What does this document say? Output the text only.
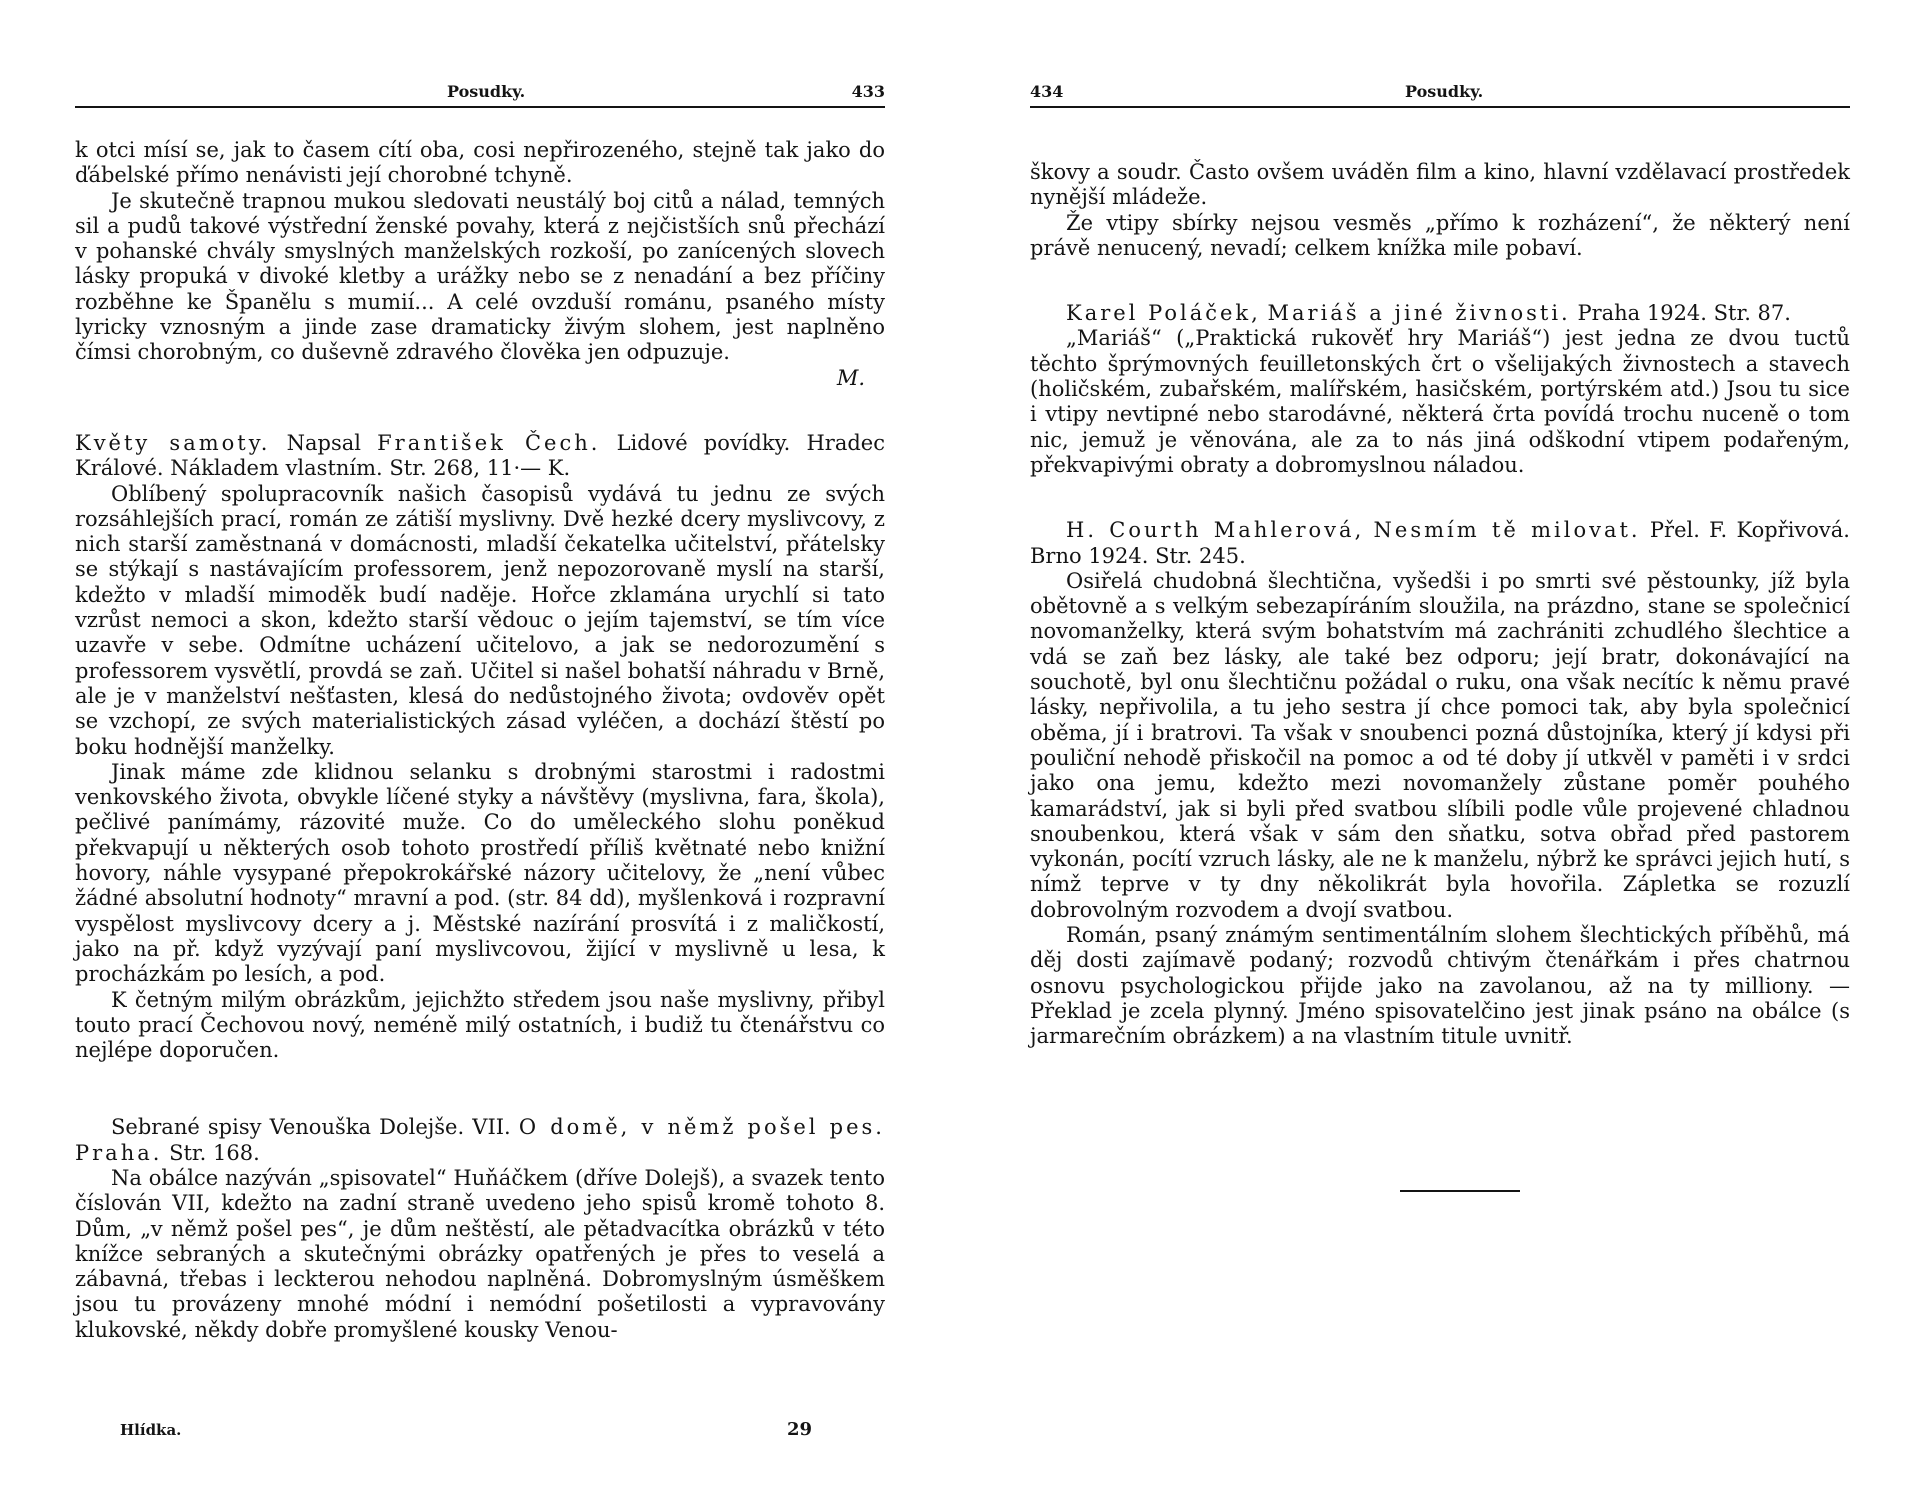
Posudky.	433

k otci mísí se, jak to časem cítí oba, cosi nepřirozeného, stejně tak jako do ďábelské přímo nenávisti její chorobné tchyně.

Je skutečně trapnou mukou sledovati neustálý boj citů a nálad, temných sil a pudů takové výstřední ženské povahy, která z nejčistších snů přechází v pohanské chvály smyslných manželských rozkoší, po zanícených slovech lásky propuká v divoké kletby a urážky nebo se z nenadání a bez příčiny rozběhne ke Španělu s mumií... A celé ovzduší románu, psaného místy lyricky vznosným a jinde zase dramaticky živým slohem, jest naplněno čímsi chorobným, co duševně zdravého člověka jen odpuzuje.

M.

Květy samoty. Napsal František Čech. Lidové povídky. Hradec Králové. Nákladem vlastním. Str. 268, 11·— K.

Oblíbený spolupracovník našich časopisů vydává tu jednu ze svých rozsáhlejších prací, román ze zátiší myslivny. Dvě hezké dcery myslivcovy, z nich starší zaměstnaná v domácnosti, mladší čekatelka učitelství, přátelsky se stýkají s nastávajícím professorem, jenž nepozorovaně myslí na starší, kdežto v mladší mimoděk budí naděje. Hořce zklamána urychlí si tato vzrůst nemoci a skon, kdežto starší vědouc o jejím tajemství, se tím více uzavře v sebe. Odmítne ucházení učitelovo, a jak se nedorozumění s professorem vysvětlí, provdá se zaň. Učitel si našel bohatší náhradu v Brně, ale je v manželství nešťasten, klesá do nedůstojného života; ovdověv opět se vzchopí, ze svých materialistických zásad vyléčen, a dochází štěstí po boku hodnější manželky.

Jinak máme zde klidnou selanku s drobnými starostmi i radostmi venkovského života, obvykle líčené styky a návštěvy (myslivna, fara, škola), pečlivé panímámy, rázovité muže. Co do uměleckého slohu poněkud překvapují u některých osob tohoto prostředí příliš květnaté nebo knižní hovory, náhle vysypané přepokrokářské názory učitelovy, že „není vůbec žádné absolutní hodnoty“ mravní a pod. (str. 84 dd), myšlenková i rozpravní vyspělost myslivcovy dcery a j. Městské nazírání prosvítá i z maličkostí, jako na př. když vyzývají paní myslivcovou, žijící v myslivně u lesa, k procházkám po lesích, a pod.

K četným milým obrázkům, jejichžto středem jsou naše myslivny, přibyl touto prací Čechovou nový, neméně milý ostatních, i budiž tu čtenářstvu co nejlépe doporučen.

Sebrané spisy Venouška Dolejše. VII. O domě, v němž pošel pes. Praha. Str. 168.

Na obálce nazýván „spisovatel“ Huňáčkem (dříve Dolejš), a svazek tento číslován VII, kdežto na zadní straně uvedeno jeho spisů kromě tohoto 8. Dům, „v němž pošel pes“, je dům neštěstí, ale pětadvacítka obrázků v této knížce sebraných a skutečnými obrázky opatřených je přes to veselá a zábavná, třebas i leckterou nehodou naplněná. Dobromyslným úsměškem jsou tu provázeny mnohé módní i nemódní pošetilosti a vypravovány klukovské, někdy dobře promyšlené kousky Venou-

Hlídka.	29
434	Posudky.

škovy a soudr. Často ovšem uváděn film a kino, hlavní vzdělavací prostředek nynější mládeže.

Že vtipy sbírky nejsou vesměs „přímo k rozházení“, že některý není právě nenucený, nevadí; celkem knížka mile pobaví.

Karel Poláček, Mariáš a jiné živnosti. Praha 1924. Str. 87.

„Mariáš“ („Praktická rukověť hry Mariáš“) jest jedna ze dvou tuctů těchto šprýmovných feuilletonských črt o všelijakých živnostech a stavech (holičském, zubařském, malířském, hasičském, portýrském atd.) Jsou tu sice i vtipy nevtipné nebo starodávné, některá črta povídá trochu nuceně o tom nic, jemuž je věnována, ale za to nás jiná odškodní vtipem podařeným, překvapivými obraty a dobromyslnou náladou.

H. Courth Mahlerová, Nesmím tě milovat. Přel. F. Kopřivová. Brno 1924. Str. 245.

Osiřelá chudobná šlechtična, vyšedši i po smrti své pěstounky, jíž byla obětovně a s velkým sebezapíráním sloužila, na prázdno, stane se společnicí novomanželky, která svým bohatstvím má zachrániti zchudlého šlechtice a vdá se zaň bez lásky, ale také bez odporu; její bratr, dokonávající na souchotě, byl onu šlechtičnu požádal o ruku, ona však necítíc k němu pravé lásky, nepřivolila, a tu jeho sestra jí chce pomoci tak, aby byla společnicí oběma, jí i bratrovi. Ta však v snoubenci pozná důstojníka, který jí kdysi při pouliční nehodě přiskočil na pomoc a od té doby jí utkvěl v paměti i v srdci jako ona jemu, kdežto mezi novomanžely zůstane poměr pouhého kamarádství, jak si byli před svatbou slíbili podle vůle projevené chladnou snoubenkou, která však v sám den sňatku, sotva obřad před pastorem vykonán, pocítí vzruch lásky, ale ne k manželu, nýbrž ke správci jejich hutí, s nímž teprve v ty dny několikrát byla hovořila. Zápletka se rozuzlí dobrovolným rozvodem a dvojí svatbou.

Román, psaný známým sentimentálním slohem šlechtických příběhů, má děj dosti zajímavě podaný; rozvodů chtivým čtenářkám i přes chatrnou osnovu psychologickou přijde jako na zavolanou, až na ty milliony. — Překlad je zcela plynný. Jméno spisovatelčino jest jinak psáno na obálce (s jarmarečním obrázkem) a na vlastním titule uvnitř.
